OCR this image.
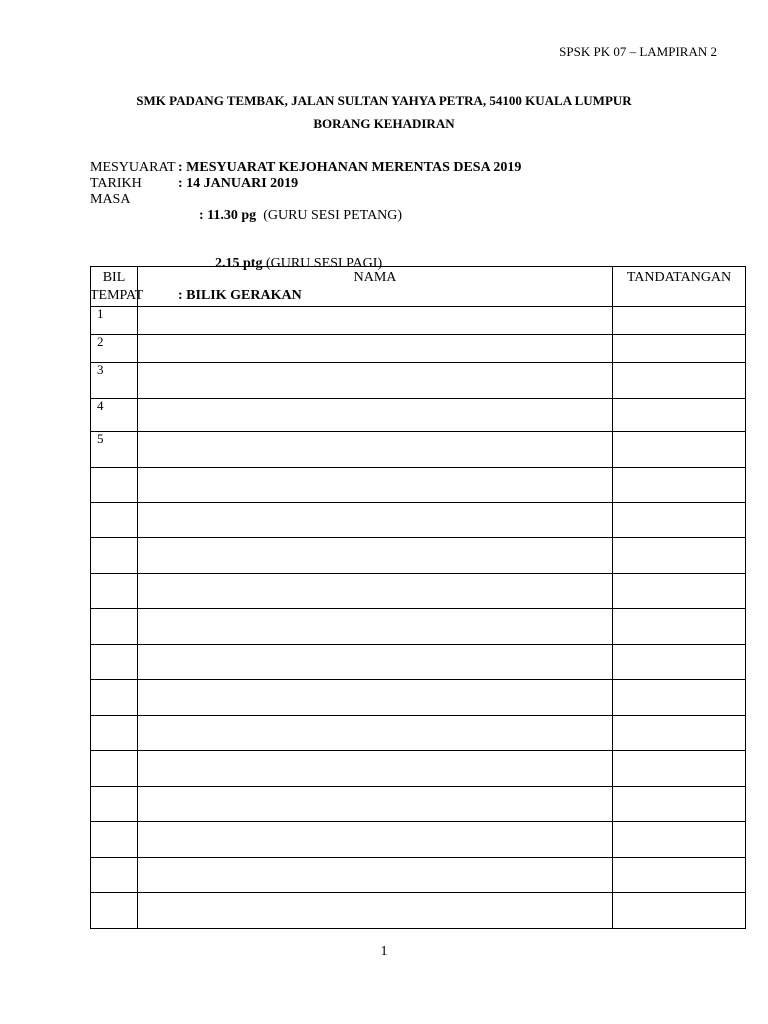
SPSK PK 07 – LAMPIRAN 2
SMK PADANG TEMBAK, JALAN SULTAN YAHYA PETRA, 54100 KUALA LUMPUR
BORANG KEHADIRAN
MESYUARAT : MESYUARAT KEJOHANAN MERENTAS DESA 2019
TARIKH	: 14 JANUARI 2019
MASA

: 11.30 pg (GURU SESI PETANG)

2.15 ptg (GURU SESI PAGI)

TEMPAT	: BILIK GERAKAN
BIL	NAMA	TANDATANGAN
1		
2		
3		
4		
5		

1
